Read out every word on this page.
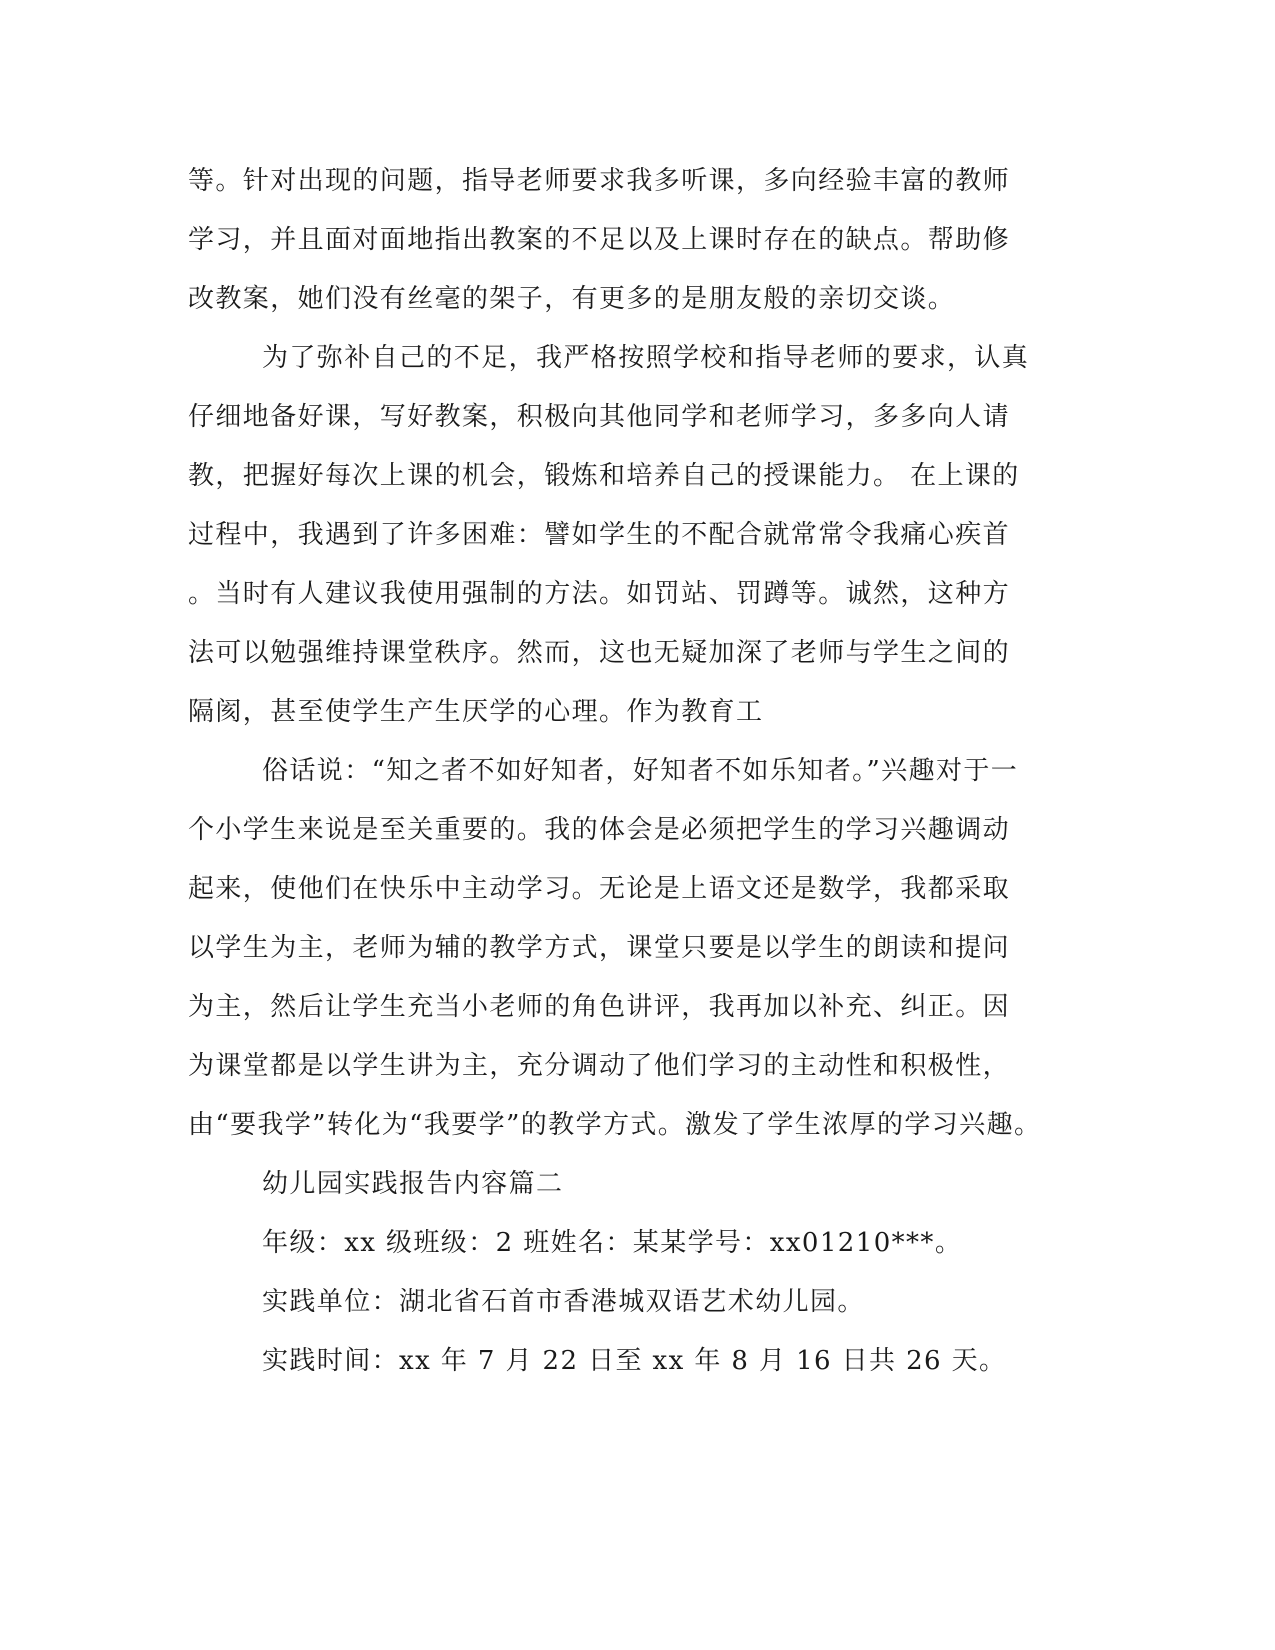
等。针对出现的问题，指导老师要求我多听课，多向经验丰富的教师
学习，并且面对面地指出教案的不足以及上课时存在的缺点。帮助修
改教案，她们没有丝毫的架子，有更多的是朋友般的亲切交谈。
为了弥补自己的不足，我严格按照学校和指导老师的要求，认真
仔细地备好课，写好教案，积极向其他同学和老师学习，多多向人请
教，把握好每次上课的机会，锻炼和培养自己的授课能力。 在上课的
过程中，我遇到了许多困难：譬如学生的不配合就常常令我痛心疾首
。当时有人建议我使用强制的方法。如罚站、罚蹲等。诚然，这种方
法可以勉强维持课堂秩序。然而，这也无疑加深了老师与学生之间的
隔阂，甚至使学生产生厌学的心理。作为教育工
俗话说：“知之者不如好知者，好知者不如乐知者。”兴趣对于一
个小学生来说是至关重要的。我的体会是必须把学生的学习兴趣调动
起来，使他们在快乐中主动学习。无论是上语文还是数学，我都采取
以学生为主，老师为辅的教学方式，课堂只要是以学生的朗读和提问
为主，然后让学生充当小老师的角色讲评，我再加以补充、纠正。因
为课堂都是以学生讲为主，充分调动了他们学习的主动性和积极性，
由“要我学”转化为“我要学”的教学方式。激发了学生浓厚的学习兴趣。
幼儿园实践报告内容篇二
年级：xx 级班级：2 班姓名：某某学号：xx01210***。
实践单位：湖北省石首市香港城双语艺术幼儿园。
实践时间：xx 年 7 月 22 日至 xx 年 8 月 16 日共 26 天。
